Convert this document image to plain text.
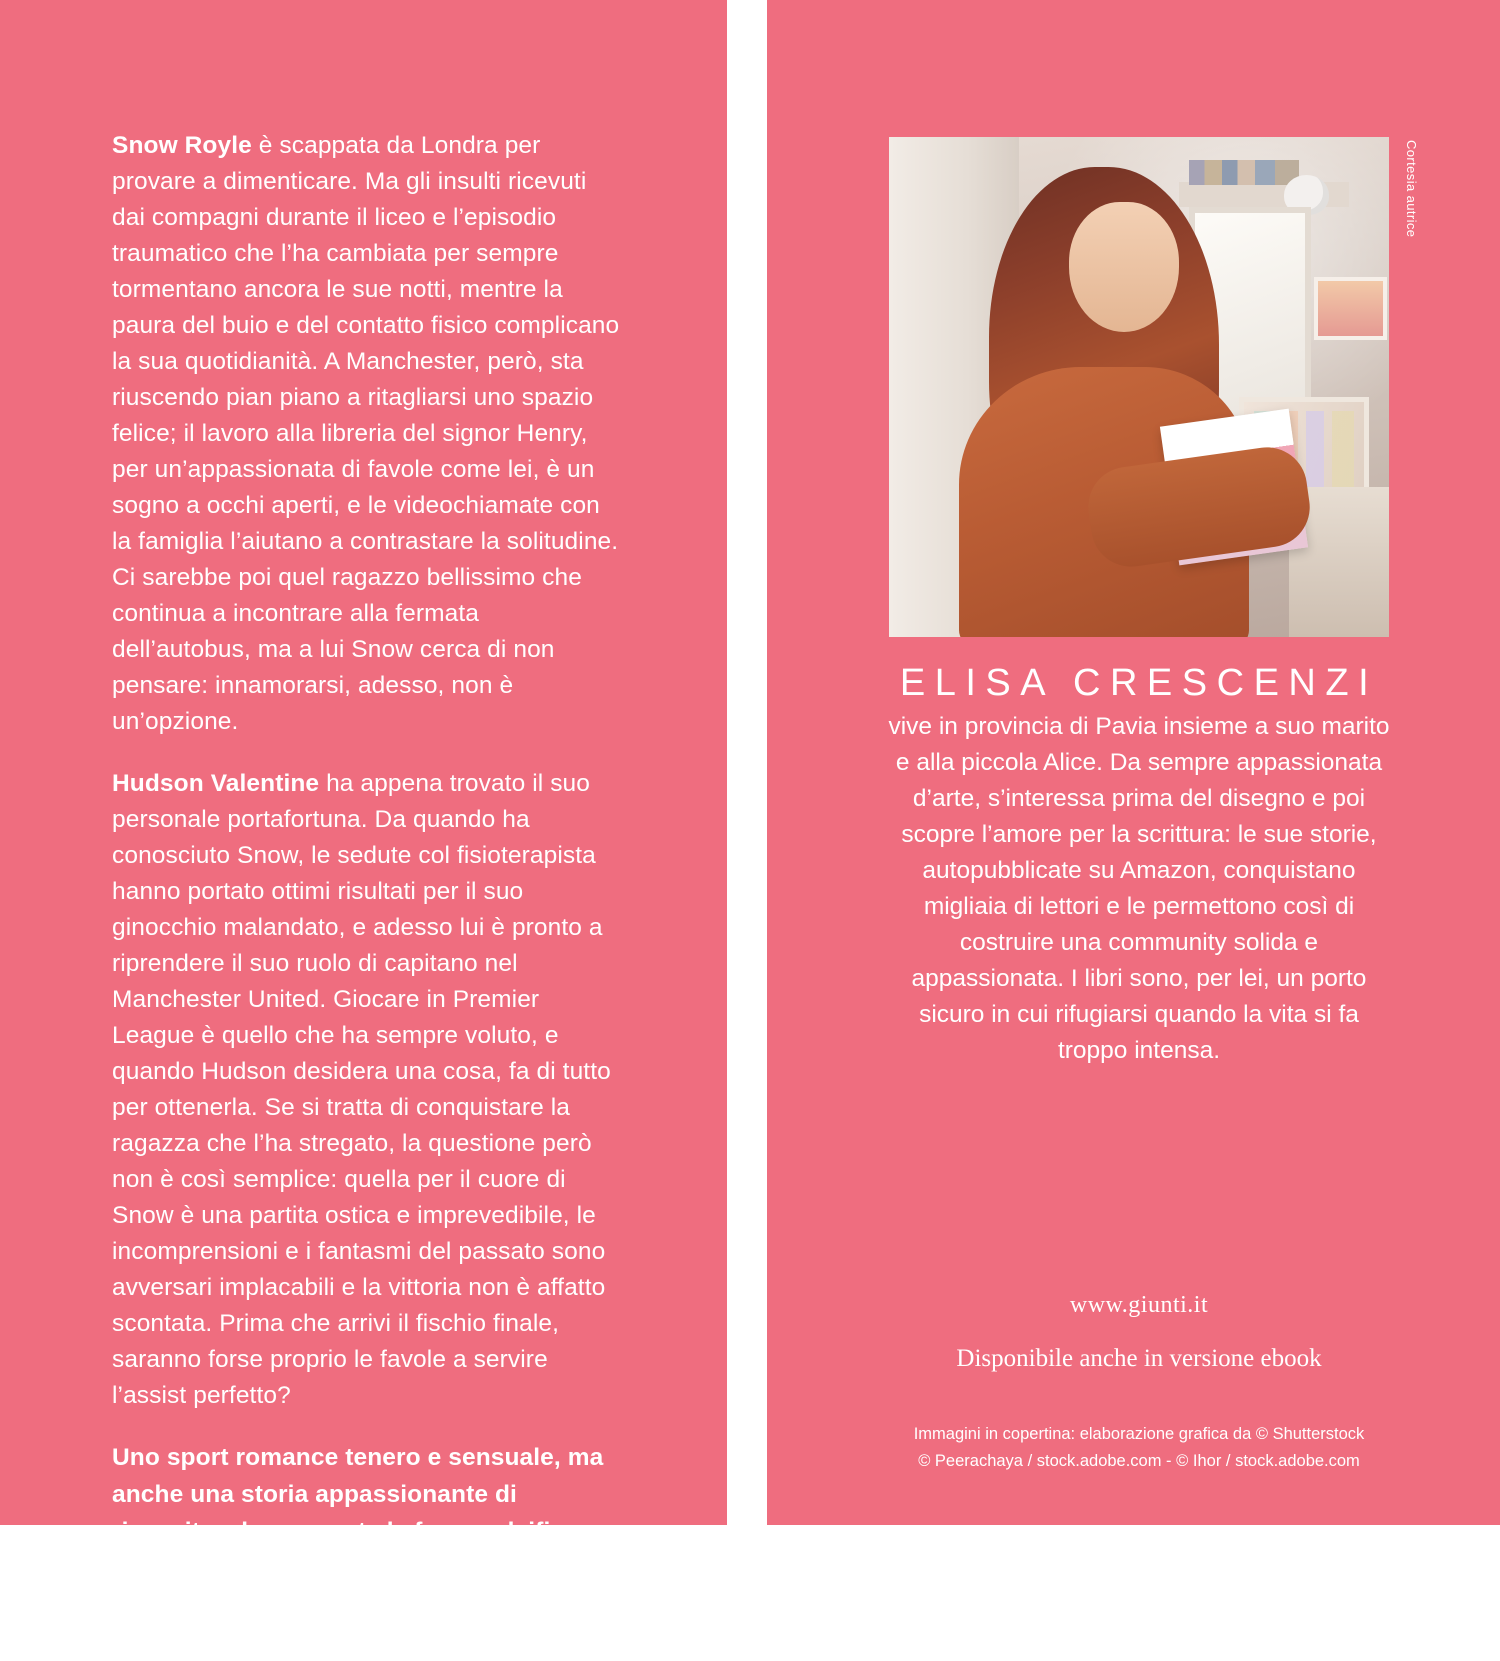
Snow Royle è scappata da Londra per provare a dimenticare. Ma gli insulti ricevuti dai compagni durante il liceo e l’episodio traumatico che l’ha cambiata per sempre tormentano ancora le sue notti, mentre la paura del buio e del contatto fisico complicano la sua quotidianità. A Manchester, però, sta riuscendo pian piano a ritagliarsi uno spazio felice; il lavoro alla libreria del signor Henry, per un’appassionata di favole come lei, è un sogno a occhi aperti, e le videochiamate con la famiglia l’aiutano a contrastare la solitudine. Ci sarebbe poi quel ragazzo bellissimo che continua a incontrare alla fermata dell’autobus, ma a lui Snow cerca di non pensare: innamorarsi, adesso, non è un’opzione.

Hudson Valentine ha appena trovato il suo personale portafortuna. Da quando ha conosciuto Snow, le sedute col fisioterapista hanno portato ottimi risultati per il suo ginocchio malandato, e adesso lui è pronto a riprendere il suo ruolo di capitano nel Manchester United. Giocare in Premier League è quello che ha sempre voluto, e quando Hudson desidera una cosa, fa di tutto per ottenerla. Se si tratta di conquistare la ragazza che l’ha stregato, la questione però non è così semplice: quella per il cuore di Snow è una partita ostica e imprevedibile, le incomprensioni e i fantasmi del passato sono avversari implacabili e la vittoria non è affatto scontata. Prima che arrivi il fischio finale, saranno forse proprio le favole a servire l’assist perfetto?

Uno sport romance tenero e sensuale, ma anche una storia appassionante di rinascita, che racconta la forza salvifica dell’amore e ci mostra che, quando siamo disposti a sfogliare fino all’ultima pagina, ad aspettarci c’è sempre il lieto fine.

Cortesia autrice
ELISA CRESCENZI
vive in provincia di Pavia insieme a suo marito e alla piccola Alice. Da sempre appassionata d’arte, s’interessa prima del disegno e poi scopre l’amore per la scrittura: le sue storie, autopubblicate su Amazon, conquistano migliaia di lettori e le permettono così di costruire una community solida e appassionata. I libri sono, per lei, un porto sicuro in cui rifugiarsi quando la vita si fa troppo intensa.
www.giunti.it
Disponibile anche in versione ebook
Immagini in copertina: elaborazione grafica da © Shutterstock
© Peerachaya / stock.adobe.com - © Ihor / stock.adobe.com
